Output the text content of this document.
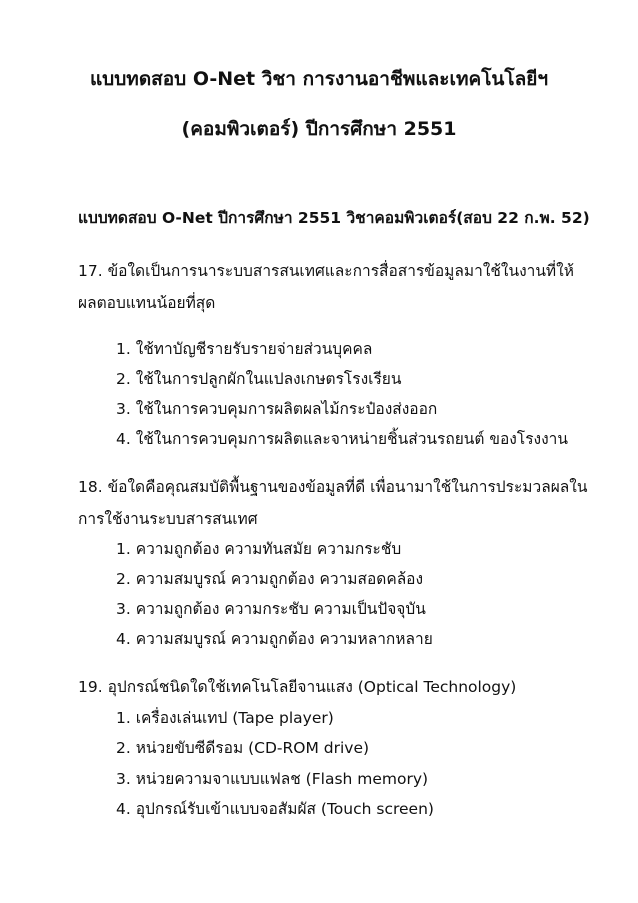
แบบทดสอบ O-Net วิชา การงานอาชีพและเทคโนโลยีฯ
(คอมพิวเตอร์) ปีการศึกษา 2551
แบบทดสอบ O-Net ปีการศึกษา 2551 วิชาคอมพิวเตอร์(สอบ 22 ก.พ. 52)
17. ข้อใดเป็นการนาระบบสารสนเทศและการสื่อสารข้อมูลมาใช้ในงานที่ให้
ผลตอบแทนน้อยที่สุด
1. ใช้ทาบัญชีรายรับรายจ่ายส่วนบุคคล
2. ใช้ในการปลูกผักในแปลงเกษตรโรงเรียน
3. ใช้ในการควบคุมการผลิตผลไม้กระป๋องส่งออก
4. ใช้ในการควบคุมการผลิตและจาหน่ายชิ้นส่วนรถยนต์ ของโรงงาน
18. ข้อใดคือคุณสมบัติพื้นฐานของข้อมูลที่ดี เพื่อนามาใช้ในการประมวลผลใน
การใช้งานระบบสารสนเทศ
1. ความถูกต้อง ความทันสมัย ความกระชับ
2. ความสมบูรณ์ ความถูกต้อง ความสอดคล้อง
3. ความถูกต้อง ความกระชับ ความเป็นปัจจุบัน
4. ความสมบูรณ์ ความถูกต้อง ความหลากหลาย
19. อุปกรณ์ชนิดใดใช้เทคโนโลยีจานแสง (Optical Technology)
1. เครื่องเล่นเทป (Tape player)
2. หน่วยขับซีดีรอม (CD-ROM drive)
3. หน่วยความจาแบบแฟลช (Flash memory)
4. อุปกรณ์รับเข้าแบบจอสัมผัส (Touch screen)
